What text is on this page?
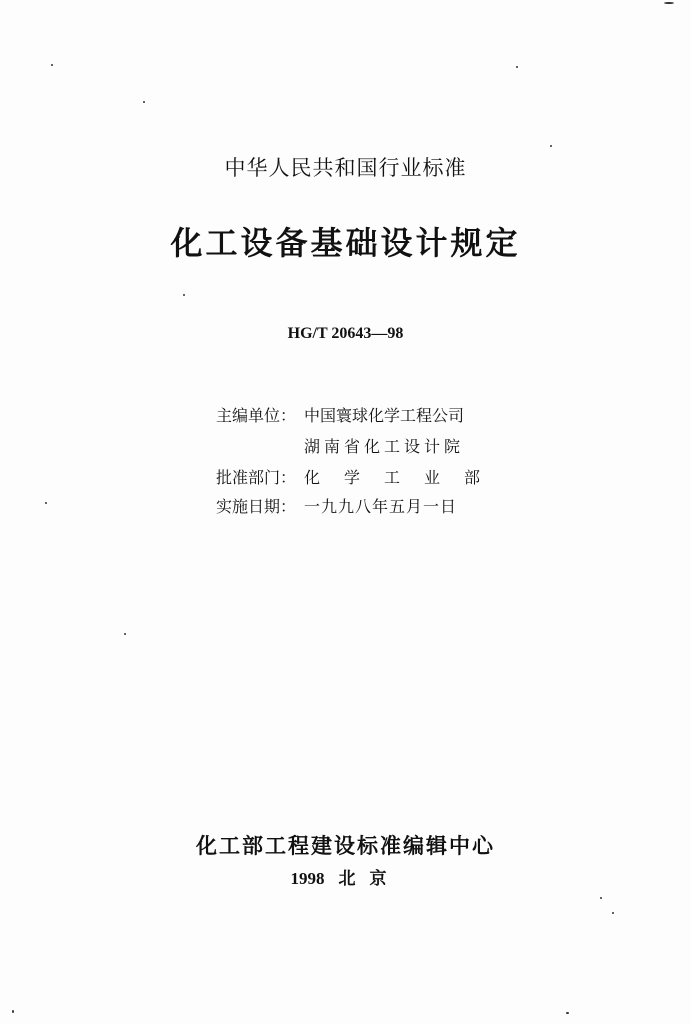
中华人民共和国行业标准
化工设备基础设计规定
HG/T 20643—98
主编单位： 中国寰球化学工程公司
湖南省化工设计院
批准部门： 化学工业部
实施日期： 一九九八年五月一日
化工部工程建设标准编辑中心
1998 北京
